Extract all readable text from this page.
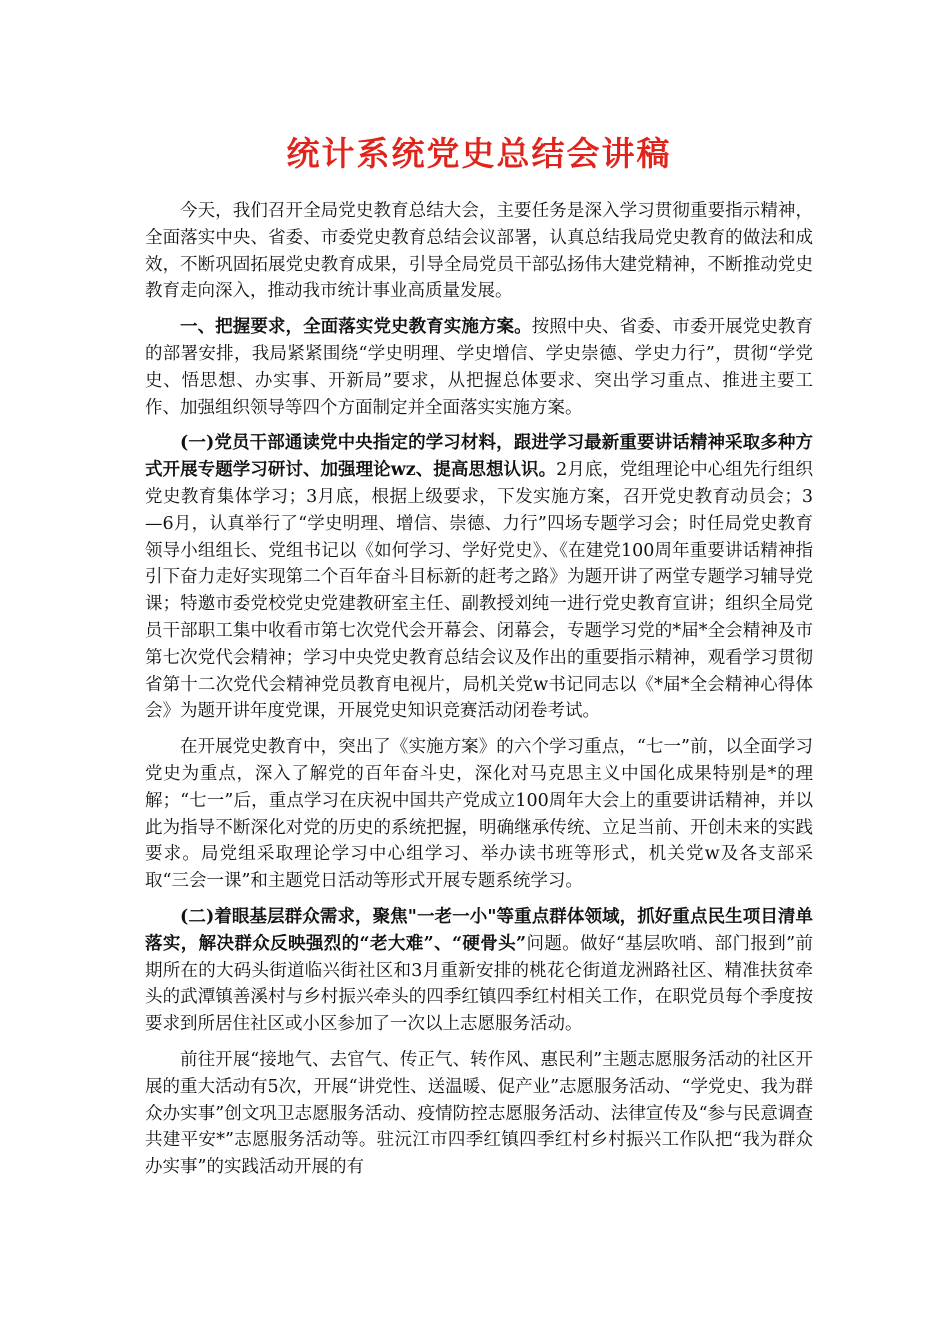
统计系统党史总结会讲稿

今天，我们召开全局党史教育总结大会，主要任务是深入学习贯彻重要指示精神，全面落实中央、省委、市委党史教育总结会议部署，认真总结我局党史教育的做法和成效，不断巩固拓展党史教育成果，引导全局党员干部弘扬伟大建党精神，不断推动党史教育走向深入，推动我市统计事业高质量发展。

一、把握要求，全面落实党史教育实施方案。按照中央、省委、市委开展党史教育的部署安排，我局紧紧围绕“学史明理、学史增信、学史崇德、学史力行”，贯彻“学党史、悟思想、办实事、开新局”要求，从把握总体要求、突出学习重点、推进主要工作、加强组织领导等四个方面制定并全面落实实施方案。

(一)党员干部通读党中央指定的学习材料，跟进学习最新重要讲话精神采取多种方式开展专题学习研讨、加强理论wz、提高思想认识。2月底，党组理论中心组先行组织党史教育集体学习；3月底，根据上级要求，下发实施方案，召开党史教育动员会；3—6月，认真举行了“学史明理、增信、崇德、力行”四场专题学习会；时任局党史教育领导小组组长、党组书记以《如何学习、学好党史》、《在建党100周年重要讲话精神指引下奋力走好实现第二个百年奋斗目标新的赶考之路》为题开讲了两堂专题学习辅导党课；特邀市委党校党史党建教研室主任、副教授刘纯一进行党史教育宣讲；组织全局党员干部职工集中收看市第七次党代会开幕会、闭幕会，专题学习党的*届*全会精神及市第七次党代会精神；学习中央党史教育总结会议及作出的重要指示精神，观看学习贯彻省第十二次党代会精神党员教育电视片，局机关党w书记同志以《*届*全会精神心得体会》为题开讲年度党课，开展党史知识竞赛活动闭卷考试。

在开展党史教育中，突出了《实施方案》的六个学习重点，“七一”前，以全面学习党史为重点，深入了解党的百年奋斗史，深化对马克思主义中国化成果特别是*的理解；“七一”后，重点学习在庆祝中国共产党成立100周年大会上的重要讲话精神，并以此为指导不断深化对党的历史的系统把握，明确继承传统、立足当前、开创未来的实践要求。局党组采取理论学习中心组学习、举办读书班等形式，机关党w及各支部采取“三会一课”和主题党日活动等形式开展专题系统学习。

(二)着眼基层群众需求，聚焦"一老一小"等重点群体领域，抓好重点民生项目清单落实，解决群众反映强烈的“老大难”、“硬骨头”问题。做好“基层吹哨、部门报到”前期所在的大码头街道临兴街社区和3月重新安排的桃花仑街道龙洲路社区、精准扶贫牵头的武潭镇善溪村与乡村振兴牵头的四季红镇四季红村相关工作，在职党员每个季度按要求到所居住社区或小区参加了一次以上志愿服务活动。

前往开展“接地气、去官气、传正气、转作风、惠民利”主题志愿服务活动的社区开展的重大活动有5次，开展“讲党性、送温暖、促产业”志愿服务活动、“学党史、我为群众办实事”创文巩卫志愿服务活动、疫情防控志愿服务活动、法律宣传及“参与民意调查共建平安*”志愿服务活动等。驻沅江市四季红镇四季红村乡村振兴工作队把“我为群众办实事”的实践活动开展的有
